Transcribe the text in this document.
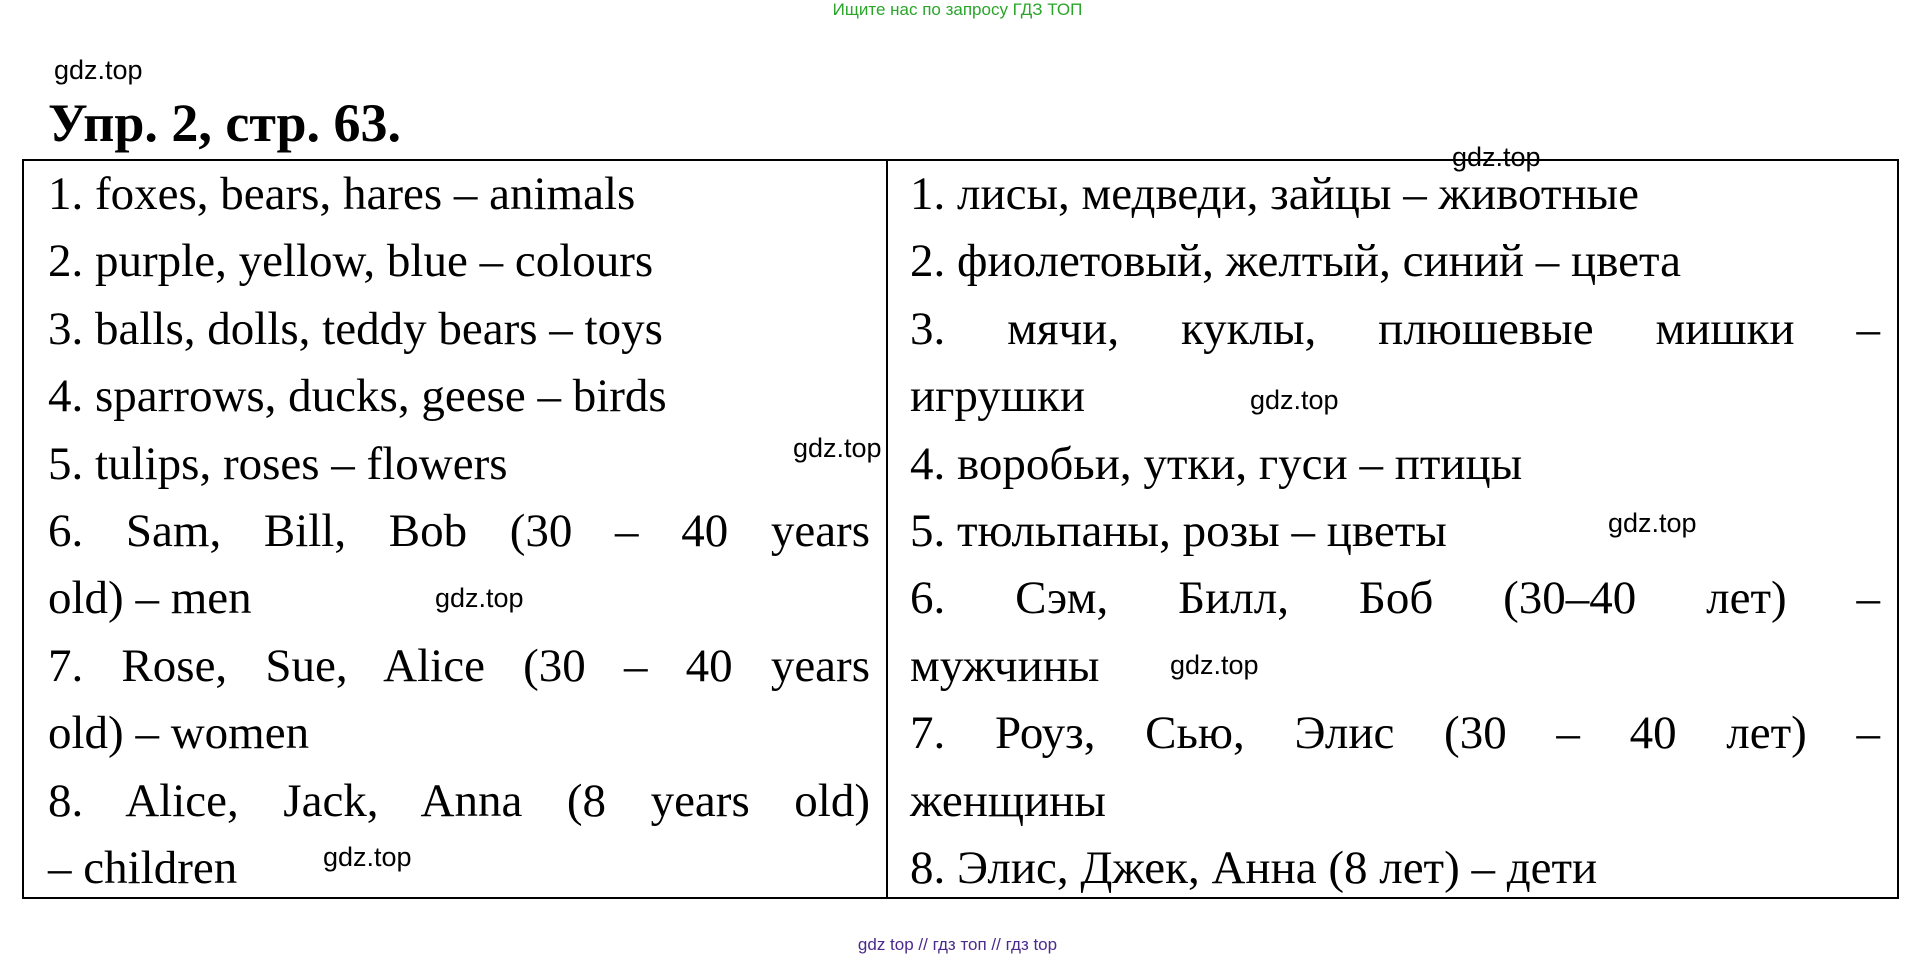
Ищите нас по запросу ГДЗ ТОП
gdz.top
Упр. 2, стр. 63.
gdz.top
1. foxes, bears, hares – animals
2. purple, yellow, blue – colours
3. balls, dolls, teddy bears – toys
4. sparrows, ducks, geese – birds
5. tulips, roses – flowers
6. Sam, Bill, Bob (30 – 40 years
old) – men
7. Rose, Sue, Alice (30 – 40 years
old) – women
8. Alice, Jack, Anna (8 years old)
– children
1. лисы, медведи, зайцы – животные
2. фиолетовый, желтый, синий – цвета
3. мячи, куклы, плюшевые мишки –
игрушки
4. воробьи, утки, гуси – птицы
5. тюльпаны, розы – цветы
6. Сэм, Билл, Боб (30–40 лет) –
мужчины
7. Роуз, Сью, Элис (30 – 40 лет) –
женщины
8. Элис, Джек, Анна (8 лет) – дети
gdz.top
gdz.top
gdz.top
gdz.top
gdz.top
gdz.top
gdz top // гдз топ // гдз top
